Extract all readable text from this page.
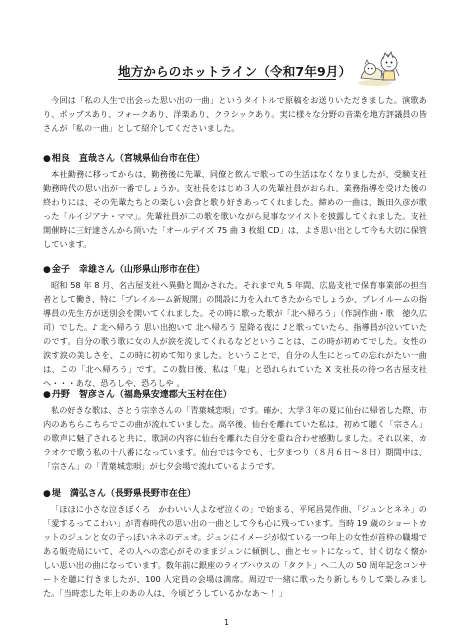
地方からのホットライン（令和7年9月）

今回は「私の人生で出会った思い出の一曲」というタイトルで原稿をお送りいただきました。演歌あり、ポップスあり、フォークあり、洋楽あり、クラシックあり。実に様々な分野の音楽を地方評議員の皆さんが「私の一曲」として紹介してくださいました。

●相良　直哉さん（宮城県仙台市在住）

本社勤務に移ってからは、勤務後に先輩、同僚と飲んで歌っての生活はなくなりましたが、受験支社勤務時代の思い出が一番でしょうか。支社長をはじめ３人の先輩社員がおられ、業務指導を受けた後の終わりには、その先輩たちとの楽しい会食と歌り好きあってくれました。締めの一曲は、飯田久彦が歌った「ルイジアナ・ママ」。先輩社員が二の歌を歌いながら見事なツイストを披露してくれました。支社開催時に三好達さんから頂いた「オールデイズ 75 曲 3 枚組 CD」は、よき思い出として今も大切に保管しています。

●金子　幸雄さん（山形県山形市在住）

昭和 58 年 8 月、名古屋支社へ異動と聞かされた。それまで丸 5 年間、広島支社で保育事業部の担当者として働き、特に「プレイルーム新規開」の開設に力を入れてきたからでしょうか、プレイルームの指導員の先生方が送別会を開いてくれました。その時に歌った歌が「北へ帰ろう」（作詞作曲・歌　徳久広司）でした。♪ 北へ帰ろう 思い出抱いて 北へ帰ろう 星降る夜に ♪と歌っていたら、指導員が泣いていたのです。自分の歌う歌に女の人が涙を流してくれるなどということは、この時が初めてでした。女性の涙す涙の美しさを、この時に初めて知りました。ということで、自分の人生にとっての忘れがたい一曲は、この「北へ帰ろう」です。この数日後、私は「鬼」と恐れられていた X 支社長の待つ名古屋支社へ・・・あな、恐ろしや、恐ろしや 。

●丹野　智彦さん（福島県安達郡大玉村在住）

私の好きな歌は、さとう宗幸さんの「青葉城恋唄」です。確か、大学３年の夏に仙台に帰省した際、市内のあちらこちらでこの曲が流れていました。高卒後、仙台を離れていた私は、初めて聴く「宗さん」の歌声に魅了されると共に、歌詞の内容に仙台を離れた自分を重ね合わせ感動しました。それ以来、カラオケで歌う私の十八番になっています。仙台では今でも、七夕まつり（８月６日～８日）期間中は、「宗さん」の「青葉城恋唄」が七夕会場で流れているようです。

●堤　満弘さん（長野県長野市在住）

「ほほに小さな泣きぼくろ　かわいい人よなぜ泣くの」で始まる、平尾昌晃作曲、「ジュンとネネ」の「愛するってこわい」が青春時代の思い出の一曲として今も心に残っています。当時 19 歳のショートカットのジュンと女の子っぽいネネのデュオ。ジュンにイメージが似ている一つ年上の女性が首枠の職場である販売局にいて、その人への恋心がそのままジュンに傾倒し、曲とセットになって、甘く切なく懐かしい思い出の曲になっています。数年前に銀座のライブハウスの「タクト」へ二人の 50 周年記念コンサートを聴に行きましたが、100 人定員の会場は満席。周辺で一緒に歌ったり新しもりして楽しみました。「当時恋した年上のあの人は、今頃どうしているかなあ～ ！」

1
